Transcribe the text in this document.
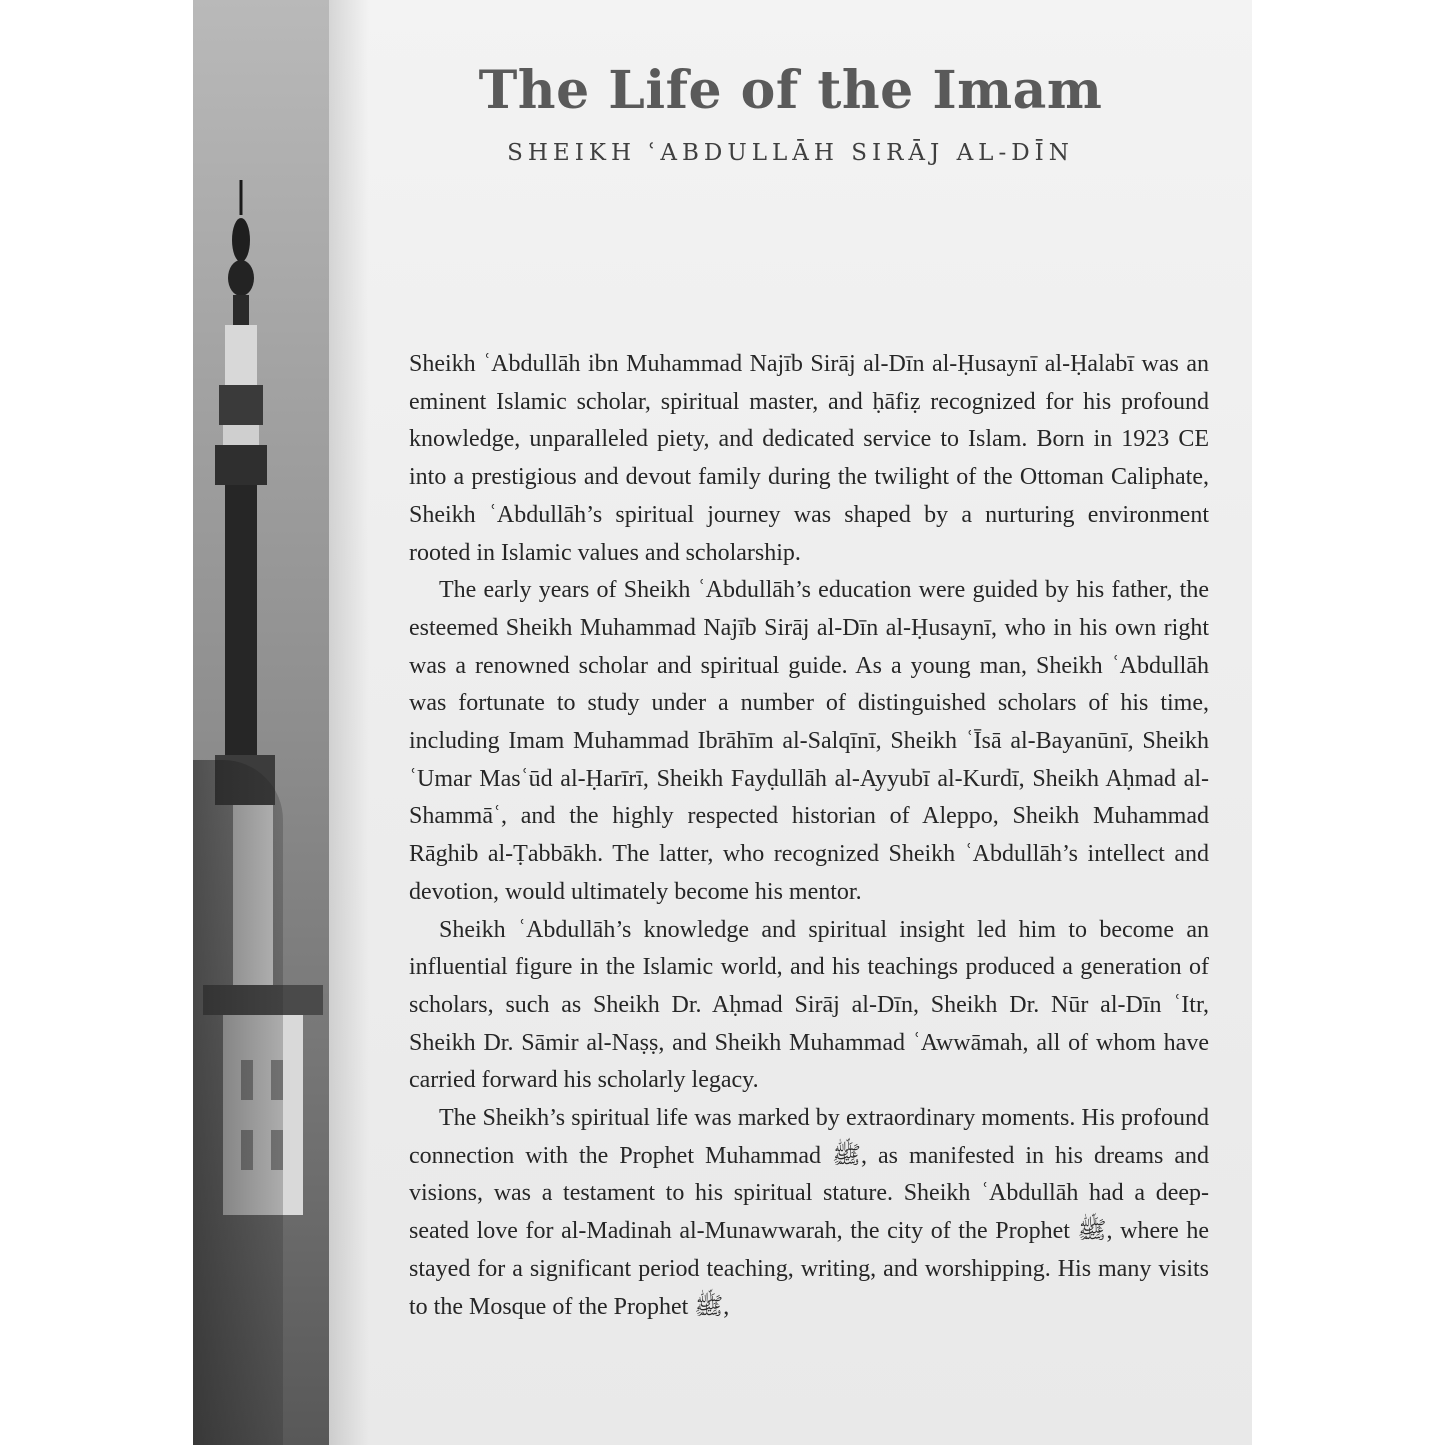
The Life of the Imam
SHEIKH ʿABDULLĀH SIRĀJ AL-DĪN

Sheikh ʿAbdullāh ibn Muhammad Najīb Sirāj al-Dīn al-Ḥusaynī al-Ḥalabī was an eminent Islamic scholar, spiritual master, and ḥāfiẓ recognized for his profound knowledge, unparalleled piety, and dedicated service to Islam. Born in 1923 CE into a prestigious and devout family during the twilight of the Ottoman Caliphate, Sheikh ʿAbdullāh’s spiritual journey was shaped by a nurturing environment rooted in Islamic values and scholarship.

The early years of Sheikh ʿAbdullāh’s education were guided by his father, the esteemed Sheikh Muhammad Najīb Sirāj al-Dīn al-Ḥusaynī, who in his own right was a renowned scholar and spiritual guide. As a young man, Sheikh ʿAbdullāh was fortunate to study under a number of distinguished scholars of his time, including Imam Muhammad Ibrāhīm al-Salqīnī, Sheikh ʿĪsā al-Bayanūnī, Sheikh ʿUmar Masʿūd al-Ḥarīrī, Sheikh Fayḍullāh al-Ayyubī al-Kurdī, Sheikh Aḥmad al-Shammāʿ, and the highly respected historian of Aleppo, Sheikh Muhammad Rāghib al-Ṭabbākh. The latter, who recognized Sheikh ʿAbdullāh’s intellect and devotion, would ultimately become his mentor.

Sheikh ʿAbdullāh’s knowledge and spiritual insight led him to become an influential figure in the Islamic world, and his teachings produced a generation of scholars, such as Sheikh Dr. Aḥmad Sirāj al-Dīn, Sheikh Dr. Nūr al-Dīn ʿItr, Sheikh Dr. Sāmir al-Naṣṣ, and Sheikh Muhammad ʿAwwāmah, all of whom have carried forward his scholarly legacy.

The Sheikh’s spiritual life was marked by extraordinary moments. His profound connection with the Prophet Muhammad ﷺ, as manifested in his dreams and visions, was a testament to his spiritual stature. Sheikh ʿAbdullāh had a deep-seated love for al-Madinah al-Munawwarah, the city of the Prophet ﷺ, where he stayed for a significant period teaching, writing, and worshipping. His many visits to the Mosque of the Prophet ﷺ,
